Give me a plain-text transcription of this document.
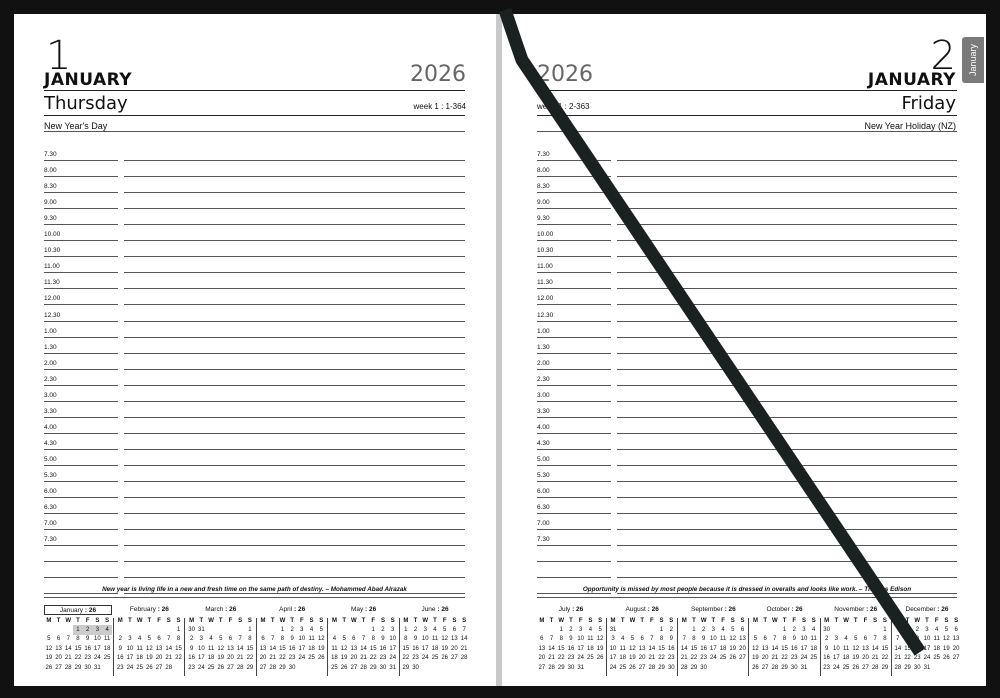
1
JANUARY	2026
Thursday	week 1 : 1-364
New Year's Day
7.30
8.00
8.30
9.00
9.30
10.00
10.30
11.00
11.30
12.00
12.30
1.00
1.30
2.00
2.30
3.00
3.30
4.00
4.30
5.00
5.30
6.00
6.30
7.00
7.30
New year is living life in a new and fresh time on the same path of destiny. – Mohammed Abad Alrazak
January : 26
M	T	W	T	F	S	S
			1	2	3	4
5	6	7	8	9	10	11
12	13	14	15	16	17	18
19	20	21	22	23	24	25
26	27	28	29	30	31	
February : 26
M	T	W	T	F	S	S
						1
2	3	4	5	6	7	8
9	10	11	12	13	14	15
16	17	18	19	20	21	22
23	24	25	26	27	28	
March : 26
M	T	W	T	F	S	S
30	31					1
2	3	4	5	6	7	8
9	10	11	12	13	14	15
16	17	18	19	20	21	22
23	24	25	26	27	28	29
April : 26
M	T	W	T	F	S	S
		1	2	3	4	5
6	7	8	9	10	11	12
13	14	15	16	17	18	19
20	21	22	23	24	25	26
27	28	29	30			
May : 26
M	T	W	T	F	S	S
				1	2	3
4	5	6	7	8	9	10
11	12	13	14	15	16	17
18	19	20	21	22	23	24
25	26	27	28	29	30	31
June : 26
M	T	W	T	F	S	S
1	2	3	4	5	6	7
8	9	10	11	12	13	14
15	16	17	18	19	20	21
22	23	24	25	26	27	28
29	30					
2
JANUARY
2026
week 1 : 2-363	Friday
New Year Holiday (NZ)
7.30
8.00
8.30
9.00
9.30
10.00
10.30
11.00
11.30
12.00
12.30
1.00
1.30
2.00
2.30
3.00
3.30
4.00
4.30
5.00
5.30
6.00
6.30
7.00
7.30
Opportunity is missed by most people because it is dressed in overalls and looks like work. – Thomas Edison
July : 26
M	T	W	T	F	S	S
		1	2	3	4	5
6	7	8	9	10	11	12
13	14	15	16	17	18	19
20	21	22	23	24	25	26
27	28	29	30	31		
August : 26
M	T	W	T	F	S	S
31					1	2
3	4	5	6	7	8	9
10	11	12	13	14	15	16
17	18	19	20	21	22	23
24	25	26	27	28	29	30
September : 26
M	T	W	T	F	S	S
	1	2	3	4	5	6
7	8	9	10	11	12	13
14	15	16	17	18	19	20
21	22	23	24	25	26	27
28	29	30				
October : 26
M	T	W	T	F	S	S
			1	2	3	4
5	6	7	8	9	10	11
12	13	14	15	16	17	18
19	20	21	22	23	24	25
26	27	28	29	30	31	
November : 26
M	T	W	T	F	S	S
30						1
2	3	4	5	6	7	8
9	10	11	12	13	14	15
16	17	18	19	20	21	22
23	24	25	26	27	28	29
December : 26
M	T	W	T	F	S	S
	1	2	3	4	5	6
7	8	9	10	11	12	13
14	15	16	17	18	19	20
21	22	23	24	25	26	27
28	29	30	31			
January
